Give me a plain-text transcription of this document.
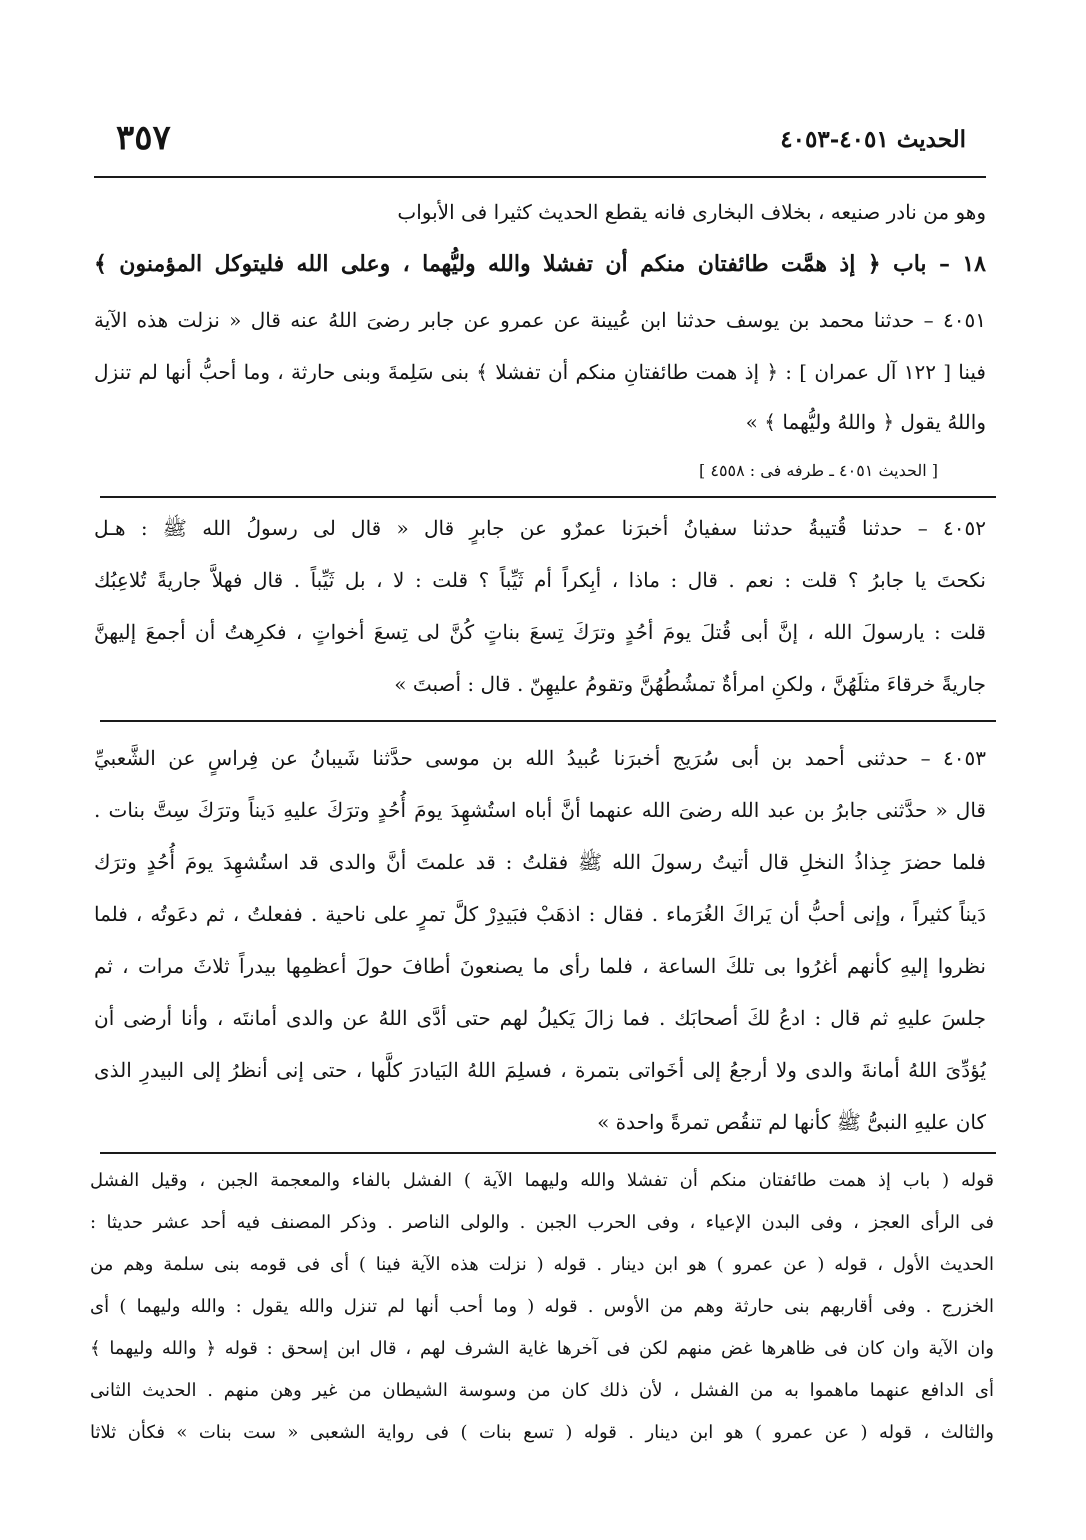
الحديث ٤٠٥١-٤٠٥٣
٣٥٧
وهو من نادر صنيعه ، بخلاف البخارى فانه يقطع الحديث كثيرا فى الأبواب
١٨ – باب ﴿ إذ همَّت طائفتان منكم أن تفشلا والله وليُّهما ، وعلى الله فليتوكل المؤمنون ﴾
٤٠٥١ – حدثنا محمد بن يوسف حدثنا ابن عُيينة عن عمرو عن جابر رضىَ اللهُ عنه قال « نزلت هذه الآية
فينا [ ١٢٢ آل عمران ] : ﴿ إذ همت طائفتانِ منكم أن تفشلا ﴾ بنى سَلِمةَ وبنى حارثة ، وما أحبُّ أنها لم تنزل
واللهُ يقول ﴿ واللهُ وليُّهما ﴾ »
[ الحديث ٤٠٥١ ـ طرفه فى : ٤٥٥٨ ]
٤٠٥٢ – حدثنا قُتيبةُ حدثنا سفيانُ أخبرَنا عمرٌو عن جابرٍ قال « قال لى رسولُ الله ﷺ : هـل
نكحتَ يا جابرُ ؟ قلت : نعم . قال : ماذا ، أبِكراً أم ثَيِّباً ؟ قلت : لا ، بل ثَيِّباً . قال فهلاَّ جاريةً تُلاعِبُك
قلت : يارسولَ الله ، إنَّ أبى قُتلَ يومَ أحُدٍ وترَكَ تِسعَ بناتٍ كُنَّ لى تِسعَ أخواتٍ ، فكرِهتُ أن أجمعَ إليهنَّ
جاريةً خرقاءَ مثلَهُنَّ ، ولكنِ امرأةٌ تمشُطُهُنَّ وتقومُ عليهِنّ . قال : أصبتَ »
٤٠٥٣ – حدثنى أحمد بن أبى سُرَيج أخبرَنا عُبيدُ الله بن موسى حدَّثنا شَيبانُ عن فِراسٍ عن الشَّعبيِّ
قال « حدَّثنى جابرُ بن عبد الله رضىَ الله عنهما أنَّ أباه استُشهِدَ يومَ أُحُدٍ وترَكَ عليهِ دَيناً وترَكَ سِتَّ بنات .
فلما حضرَ جِذاذُ النخلِ قال أتيتُ رسولَ الله ﷺ فقلتُ : قد علمتَ أنَّ والدى قد استُشهِدَ يومَ أُحُدٍ وترَك
دَيناً كثيراً ، وإنى أحبُّ أن يَراكَ الغُرَماء . فقال : اذهَبْ فبَيدِرْ كلَّ تمرٍ على ناحية . ففعلتُ ، ثم دعَوتُه ، فلما
نظروا إليهِ كأنهم أغرُوا بى تلكَ الساعة ، فلما رأى ما يصنعونَ أطافَ حولَ أعظمِها بيدراً ثلاثَ مرات ، ثم
جلسَ عليهِ ثم قال : ادعُ لكَ أصحابَك . فما زالَ يَكيلُ لهم حتى أدَّى اللهُ عن والدى أمانتَه ، وأنا أرضى أن
يُؤدِّىَ اللهُ أمانةَ والدى ولا أرجعُ إلى أخَواتى بتمرة ، فسلِمَ اللهُ البَيادرَ كلَّها ، حتى إنى أنظرُ إلى البيدرِ الذى
كان عليهِ النبىُّ ﷺ كأنها لم تنقُص تمرةً واحدة »
قوله ( باب إذ همت طائفتان منكم أن تفشلا والله وليهما الآية ) الفشل بالفاء والمعجمة الجبن ، وقيل الفشل
فى الرأى العجز ، وفى البدن الإعياء ، وفى الحرب الجبن . والولى الناصر . وذكر المصنف فيه أحد عشر حديثا :
الحديث الأول ، قوله ( عن عمرو ) هو ابن دينار . قوله ( نزلت هذه الآية فينا ) أى فى قومه بنى سلمة وهم من
الخزرج . وفى أقاربهم بنى حارثة وهم من الأوس . قوله ( وما أحب أنها لم تنزل والله يقول : والله وليهما ) أى
وان الآية وان كان فى ظاهرها غض منهم لكن فى آخرها غاية الشرف لهم ، قال ابن إسحق : قوله ﴿ والله وليهما ﴾
أى الدافع عنهما ماهموا به من الفشل ، لأن ذلك كان من وسوسة الشيطان من غير وهن منهم . الحديث الثانى
والثالث ، قوله ( عن عمرو ) هو ابن دينار . قوله ( تسع بنات ) فى رواية الشعبى « ست بنات » فكأن ثلاثا
